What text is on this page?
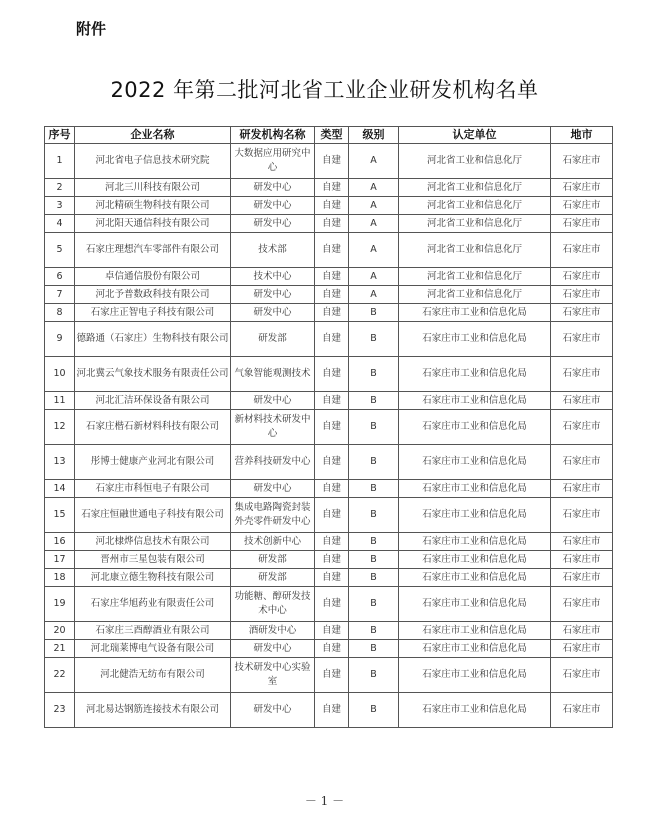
附件
2022 年第二批河北省工业企业研发机构名单
序号	企业名称	研发机构名称	类型	级别	认定单位	地市
1	河北省电子信息技术研究院	大数据应用研究中心	自建	A	河北省工业和信息化厅	石家庄市
2	河北三川科技有限公司	研发中心	自建	A	河北省工业和信息化厅	石家庄市
3	河北精硕生物科技有限公司	研发中心	自建	A	河北省工业和信息化厅	石家庄市
4	河北阳天通信科技有限公司	研发中心	自建	A	河北省工业和信息化厅	石家庄市
5	石家庄理想汽车零部件有限公司	技术部	自建	A	河北省工业和信息化厅	石家庄市
6	卓信通信股份有限公司	技术中心	自建	A	河北省工业和信息化厅	石家庄市
7	河北予普数政科技有限公司	研发中心	自建	A	河北省工业和信息化厅	石家庄市
8	石家庄正智电子科技有限公司	研发中心	自建	B	石家庄市工业和信息化局	石家庄市
9	德路通（石家庄）生物科技有限公司	研发部	自建	B	石家庄市工业和信息化局	石家庄市
10	河北冀云气象技术服务有限责任公司	气象智能观测技术	自建	B	石家庄市工业和信息化局	石家庄市
11	河北汇洁环保设备有限公司	研发中心	自建	B	石家庄市工业和信息化局	石家庄市
12	石家庄楷石新材料科技有限公司	新材料技术研发中心	自建	B	石家庄市工业和信息化局	石家庄市
13	彤博士健康产业河北有限公司	营养科技研发中心	自建	B	石家庄市工业和信息化局	石家庄市
14	石家庄市科恒电子有限公司	研发中心	自建	B	石家庄市工业和信息化局	石家庄市
15	石家庄恒融世通电子科技有限公司	集成电路陶瓷封装外壳零件研发中心	自建	B	石家庄市工业和信息化局	石家庄市
16	河北棣烨信息技术有限公司	技术创新中心	自建	B	石家庄市工业和信息化局	石家庄市
17	晋州市三星包装有限公司	研发部	自建	B	石家庄市工业和信息化局	石家庄市
18	河北康立德生物科技有限公司	研发部	自建	B	石家庄市工业和信息化局	石家庄市
19	石家庄华旭药业有限责任公司	功能糖、醇研发技术中心	自建	B	石家庄市工业和信息化局	石家庄市
20	石家庄三酉醇酒业有限公司	酒研发中心	自建	B	石家庄市工业和信息化局	石家庄市
21	河北瑞莱博电气设备有限公司	研发中心	自建	B	石家庄市工业和信息化局	石家庄市
22	河北健浩无纺布有限公司	技术研发中心实验室	自建	B	石家庄市工业和信息化局	石家庄市
23	河北易达钢筋连接技术有限公司	研发中心	自建	B	石家庄市工业和信息化局	石家庄市
－ 1 －
